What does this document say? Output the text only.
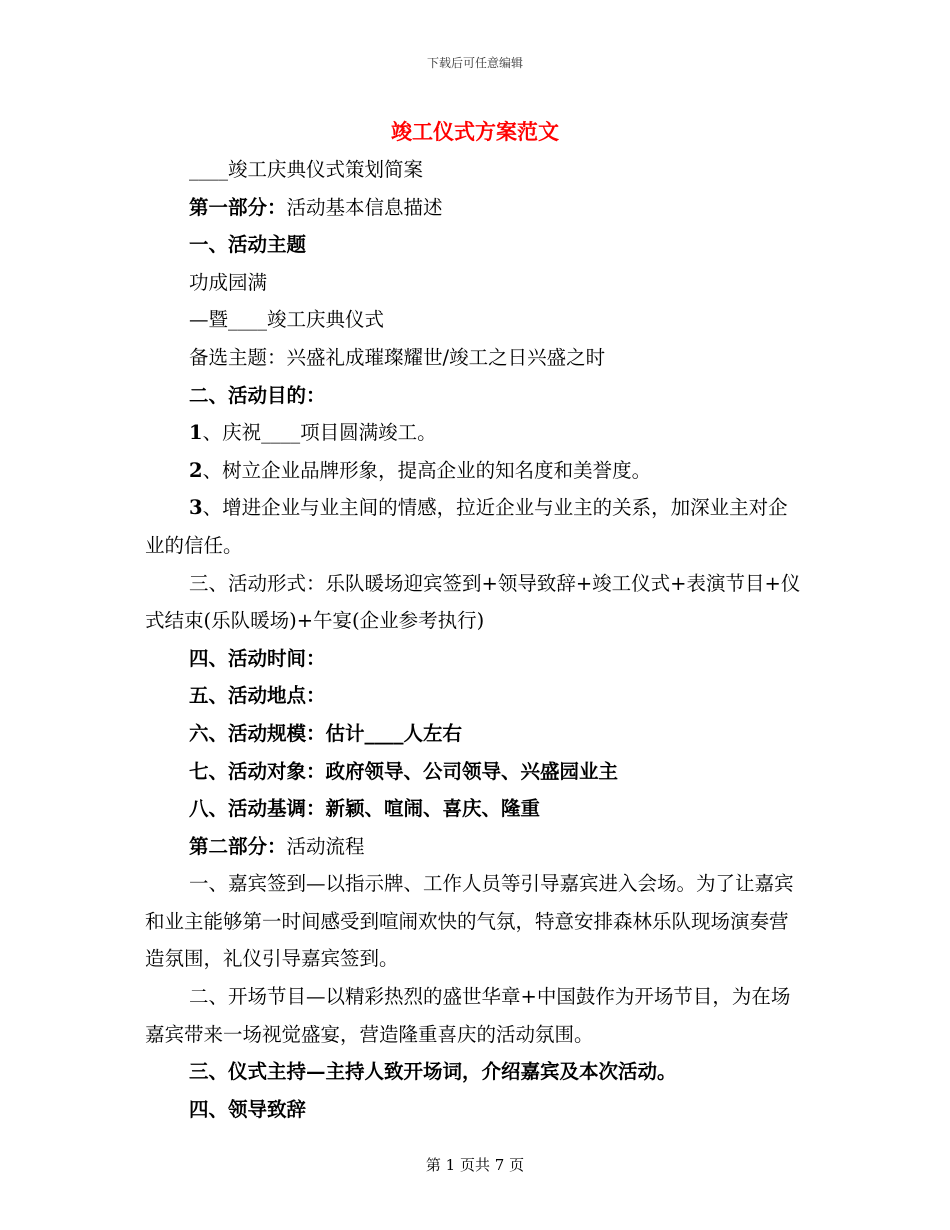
下载后可任意编辑
竣工仪式方案范文

____竣工庆典仪式策划简案

第一部分：活动基本信息描述

一、活动主题

功成园满

—暨____竣工庆典仪式

备选主题：兴盛礼成璀璨耀世/竣工之日兴盛之时

二、活动目的：

1、庆祝____项目圆满竣工。

2、树立企业品牌形象，提高企业的知名度和美誉度。

3、增进企业与业主间的情感，拉近企业与业主的关系，加深业主对企业的信任。

三、活动形式：乐队暖场迎宾签到+领导致辞+竣工仪式+表演节目+仪式结束(乐队暖场)+午宴(企业参考执行)

四、活动时间：

五、活动地点：

六、活动规模：估计____人左右

七、活动对象：政府领导、公司领导、兴盛园业主

八、活动基调：新颖、喧闹、喜庆、隆重

第二部分：活动流程

一、嘉宾签到—以指示牌、工作人员等引导嘉宾进入会场。为了让嘉宾和业主能够第一时间感受到喧闹欢快的气氛，特意安排森林乐队现场演奏营造氛围，礼仪引导嘉宾签到。

二、开场节目—以精彩热烈的盛世华章+中国鼓作为开场节目，为在场嘉宾带来一场视觉盛宴，营造隆重喜庆的活动氛围。

三、仪式主持—主持人致开场词，介绍嘉宾及本次活动。

四、领导致辞

第 1 页共 7 页
